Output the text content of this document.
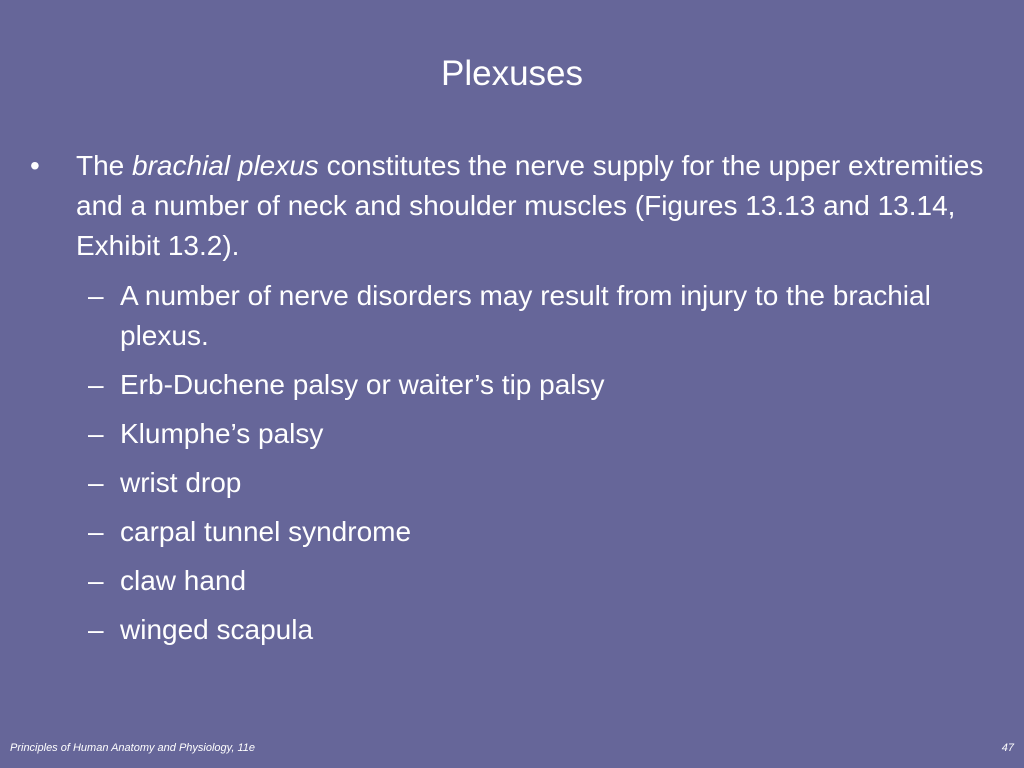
Plexuses
•	The brachial plexus constitutes the nerve supply for the upper extremities and a number of neck and shoulder muscles (Figures 13.13 and 13.14, Exhibit 13.2).
– A number of nerve disorders may result from injury to the brachial plexus.
– Erb-Duchene palsy or waiter’s tip palsy
– Klumphe’s palsy
– wrist drop
– carpal tunnel syndrome
– claw hand
– winged scapula
Principles of Human Anatomy and Physiology, 11e	47
